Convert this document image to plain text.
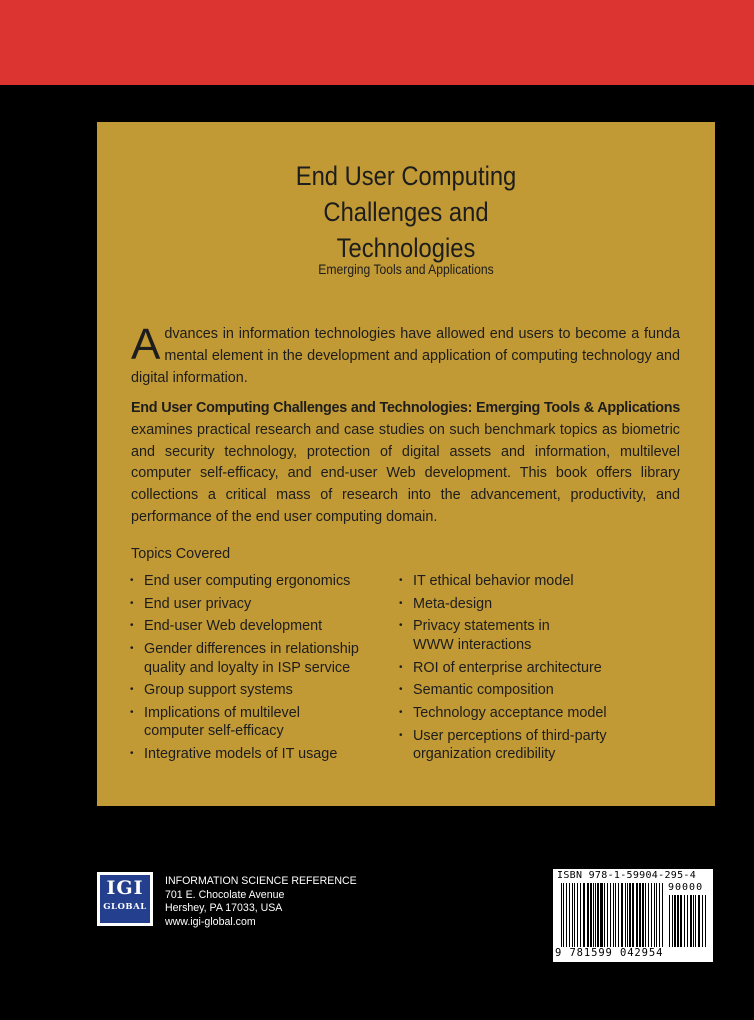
End User Computing
Challenges and
Technologies
Emerging Tools and Applications
Advances in information technologies have allowed end users to become a funda mental element in the development and application of computing technology and digital information.
End User Computing Challenges and Technologies: Emerging Tools & Applications examines practical research and case studies on such benchmark topics as biometric and security technology, protection of digital assets and information, multilevel computer self-efficacy, and end-user Web development. This book offers library collections a critical mass of research into the advancement, productivity, and performance of the end user computing domain.
Topics Covered
• End user computing ergonomics
• End user privacy
• End-user Web development
• Gender differences in relationship
quality and loyalty in ISP service
• Group support systems
• Implications of multilevel
computer self-efficacy
• Integrative models of IT usage
• IT ethical behavior model
• Meta-design
• Privacy statements in
WWW interactions
• ROI of enterprise architecture
• Semantic composition
• Technology acceptance model
• User perceptions of third-party
organization credibility
IGI
GLOBAL
INFORMATION SCIENCE REFERENCE
701 E. Chocolate Avenue
Hershey, PA 17033, USA
www.igi-global.com
ISBN 978-1-59904-295-4
90000
9 781599 042954
